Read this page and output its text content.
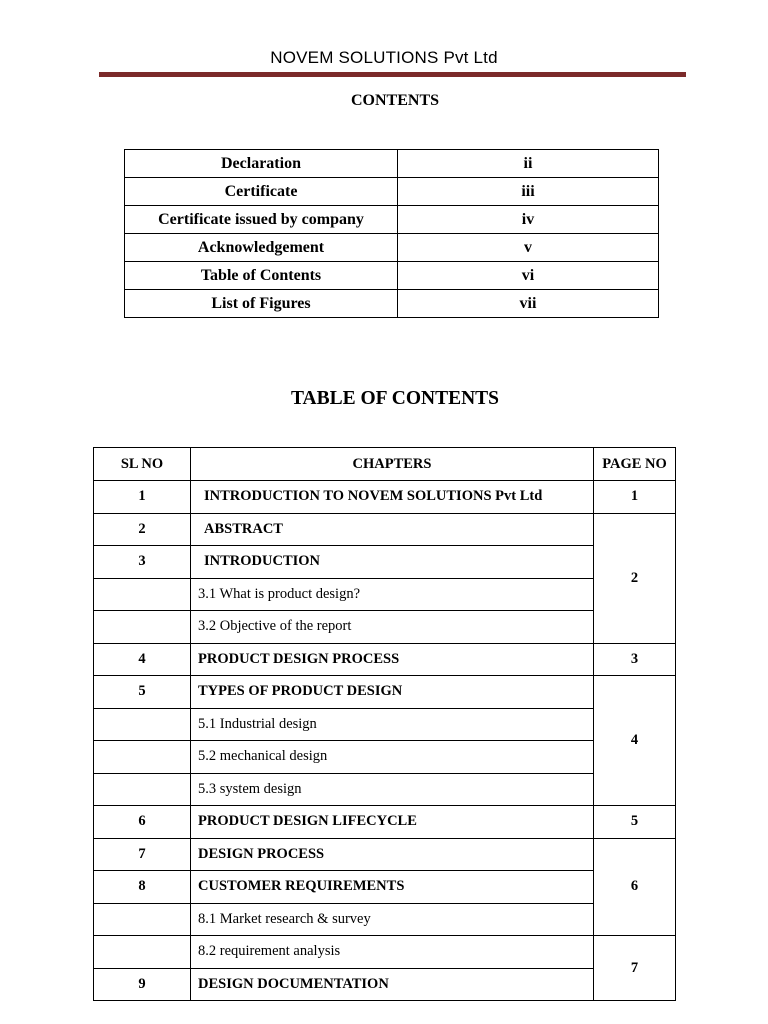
NOVEM SOLUTIONS Pvt Ltd
CONTENTS
Declaration	ii
Certificate	iii
Certificate issued by company	iv
Acknowledgement	v
Table of Contents	vi
List of Figures	vii
TABLE OF CONTENTS
SL NO	CHAPTERS	PAGE NO
1	INTRODUCTION TO NOVEM SOLUTIONS Pvt Ltd	1
2	ABSTRACT	2
3	INTRODUCTION	
	3.1 What is product design?	
	3.2 Objective of the report	
4	PRODUCT DESIGN PROCESS	3
5	TYPES OF PRODUCT DESIGN	4
	5.1 Industrial design	
	5.2 mechanical design	
	5.3 system design	
6	PRODUCT DESIGN LIFECYCLE	5
7	DESIGN PROCESS	6
8	CUSTOMER REQUIREMENTS	
	8.1 Market research & survey	
	8.2 requirement analysis	7
9	DESIGN DOCUMENTATION	
